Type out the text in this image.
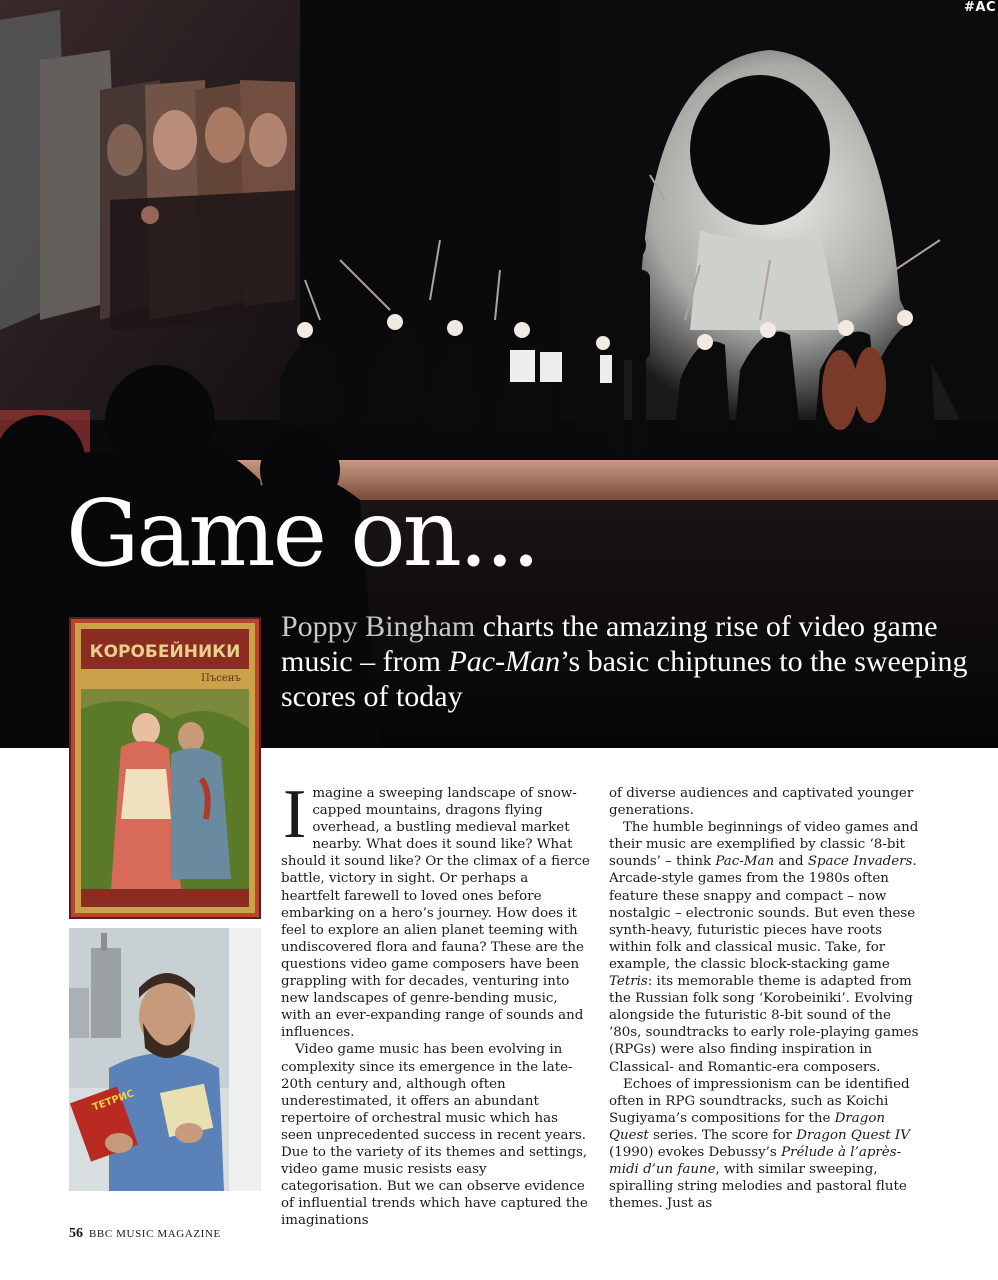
#AC
Game on...
Poppy Bingham charts the amazing rise of video game music – from Pac-Man’s basic chiptunes to the sweeping scores of today
КОРОБЕЙНИКИ
Пъсенъ
ТЕТРИС

Imagine a sweeping landscape of snow-capped mountains, dragons flying overhead, a bustling medieval market nearby. What does it sound like? What should it sound like? Or the climax of a fierce battle, victory in sight. Or perhaps a heartfelt farewell to loved ones before embarking on a hero’s journey. How does it feel to explore an alien planet teeming with undiscovered flora and fauna? These are the questions video game composers have been grappling with for decades, venturing into new landscapes of genre-bending music, with an ever-expanding range of sounds and influences.

Video game music has been evolving in complexity since its emergence in the late-20th century and, although often underestimated, it offers an abundant repertoire of orchestral music which has seen unprecedented success in recent years. Due to the variety of its themes and settings, video game music resists easy categorisation. But we can observe evidence of influential trends which have captured the imaginations

of diverse audiences and captivated younger generations.

The humble beginnings of video games and their music are exemplified by classic ‘8-bit sounds’ – think Pac-Man and Space Invaders. Arcade-style games from the 1980s often feature these snappy and compact – now nostalgic – electronic sounds. But even these synth-heavy, futuristic pieces have roots within folk and classical music. Take, for example, the classic block-stacking game Tetris: its memorable theme is adapted from the Russian folk song ‘Korobeiniki’. Evolving alongside the futuristic 8-bit sound of the ’80s, soundtracks to early role-playing games (RPGs) were also finding inspiration in Classical- and Romantic-era composers.

Echoes of impressionism can be identified often in RPG soundtracks, such as Koichi Sugiyama’s compositions for the Dragon Quest series. The score for Dragon Quest IV (1990) evokes Debussy’s Prélude à l’après-midi d’un faune, with similar sweeping, spiralling string melodies and pastoral flute themes. Just as

56 BBC MUSIC MAGAZINE
